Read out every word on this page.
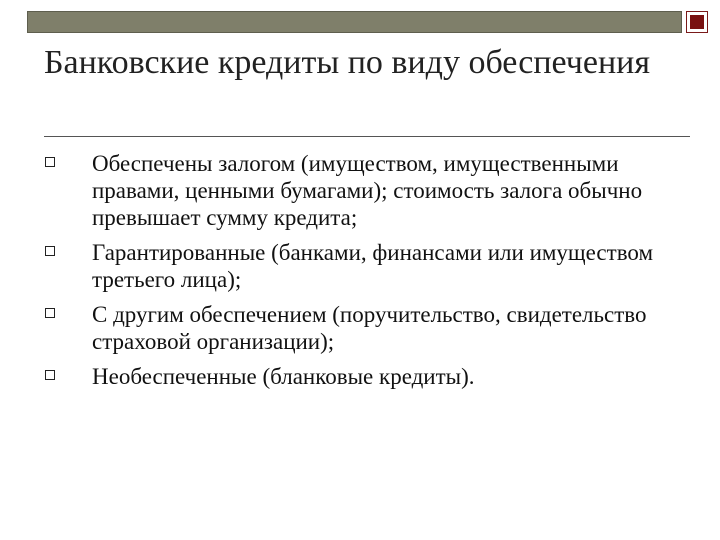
Банковские кредиты по виду обеспечения
Обеспечены залогом (имуществом, имущественными правами, ценными бумагами); стоимость залога обычно превышает сумму кредита;
Гарантированные (банками, финансами или имуществом третьего лица);
С другим обеспечением (поручительство, свидетельство страховой организации);
Необеспеченные (бланковые кредиты).
